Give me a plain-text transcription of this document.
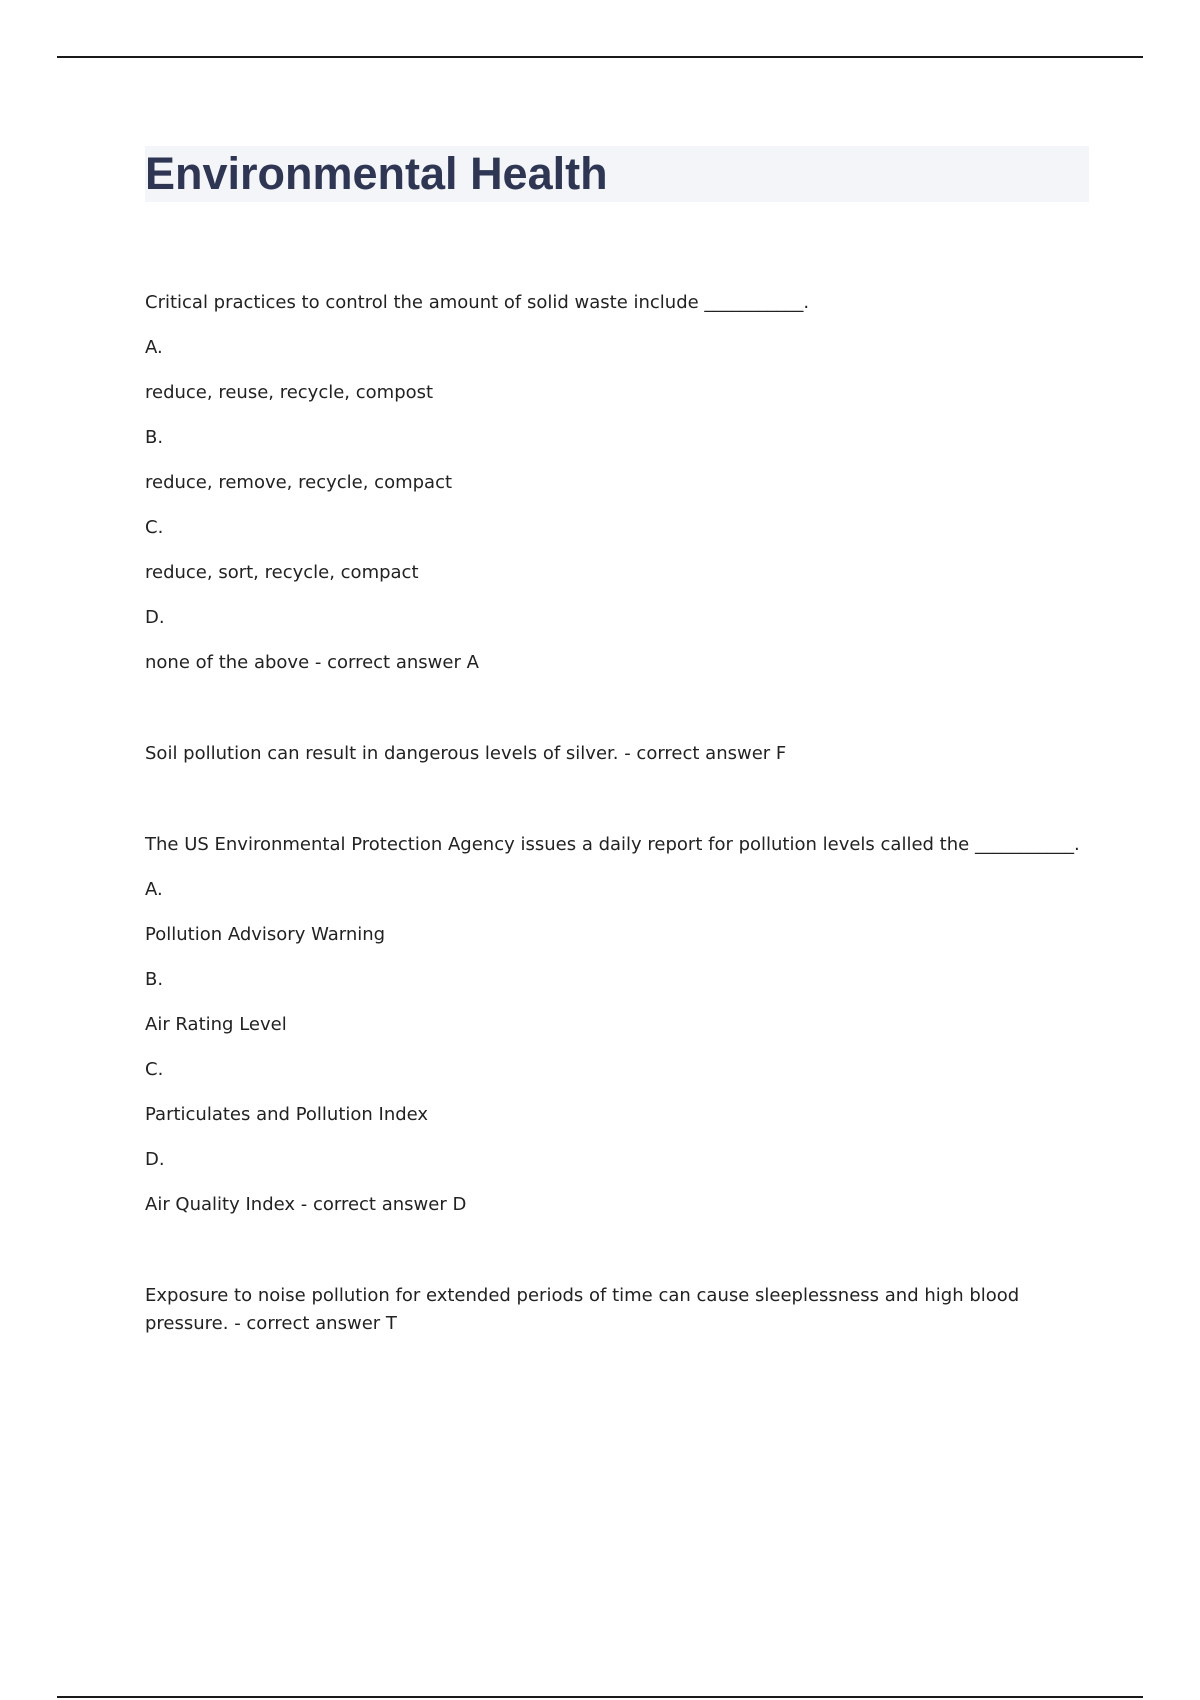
Environmental Health
Critical practices to control the amount of solid waste include ___________.
A.
reduce, reuse, recycle, compost
B.
reduce, remove, recycle, compact
C.
reduce, sort, recycle, compact
D.
none of the above - correct answer A
Soil pollution can result in dangerous levels of silver. - correct answer F
The US Environmental Protection Agency issues a daily report for pollution levels called the ___________.
A.
Pollution Advisory Warning
B.
Air Rating Level
C.
Particulates and Pollution Index
D.
Air Quality Index - correct answer D
Exposure to noise pollution for extended periods of time can cause sleeplessness and high blood pressure. - correct answer T
